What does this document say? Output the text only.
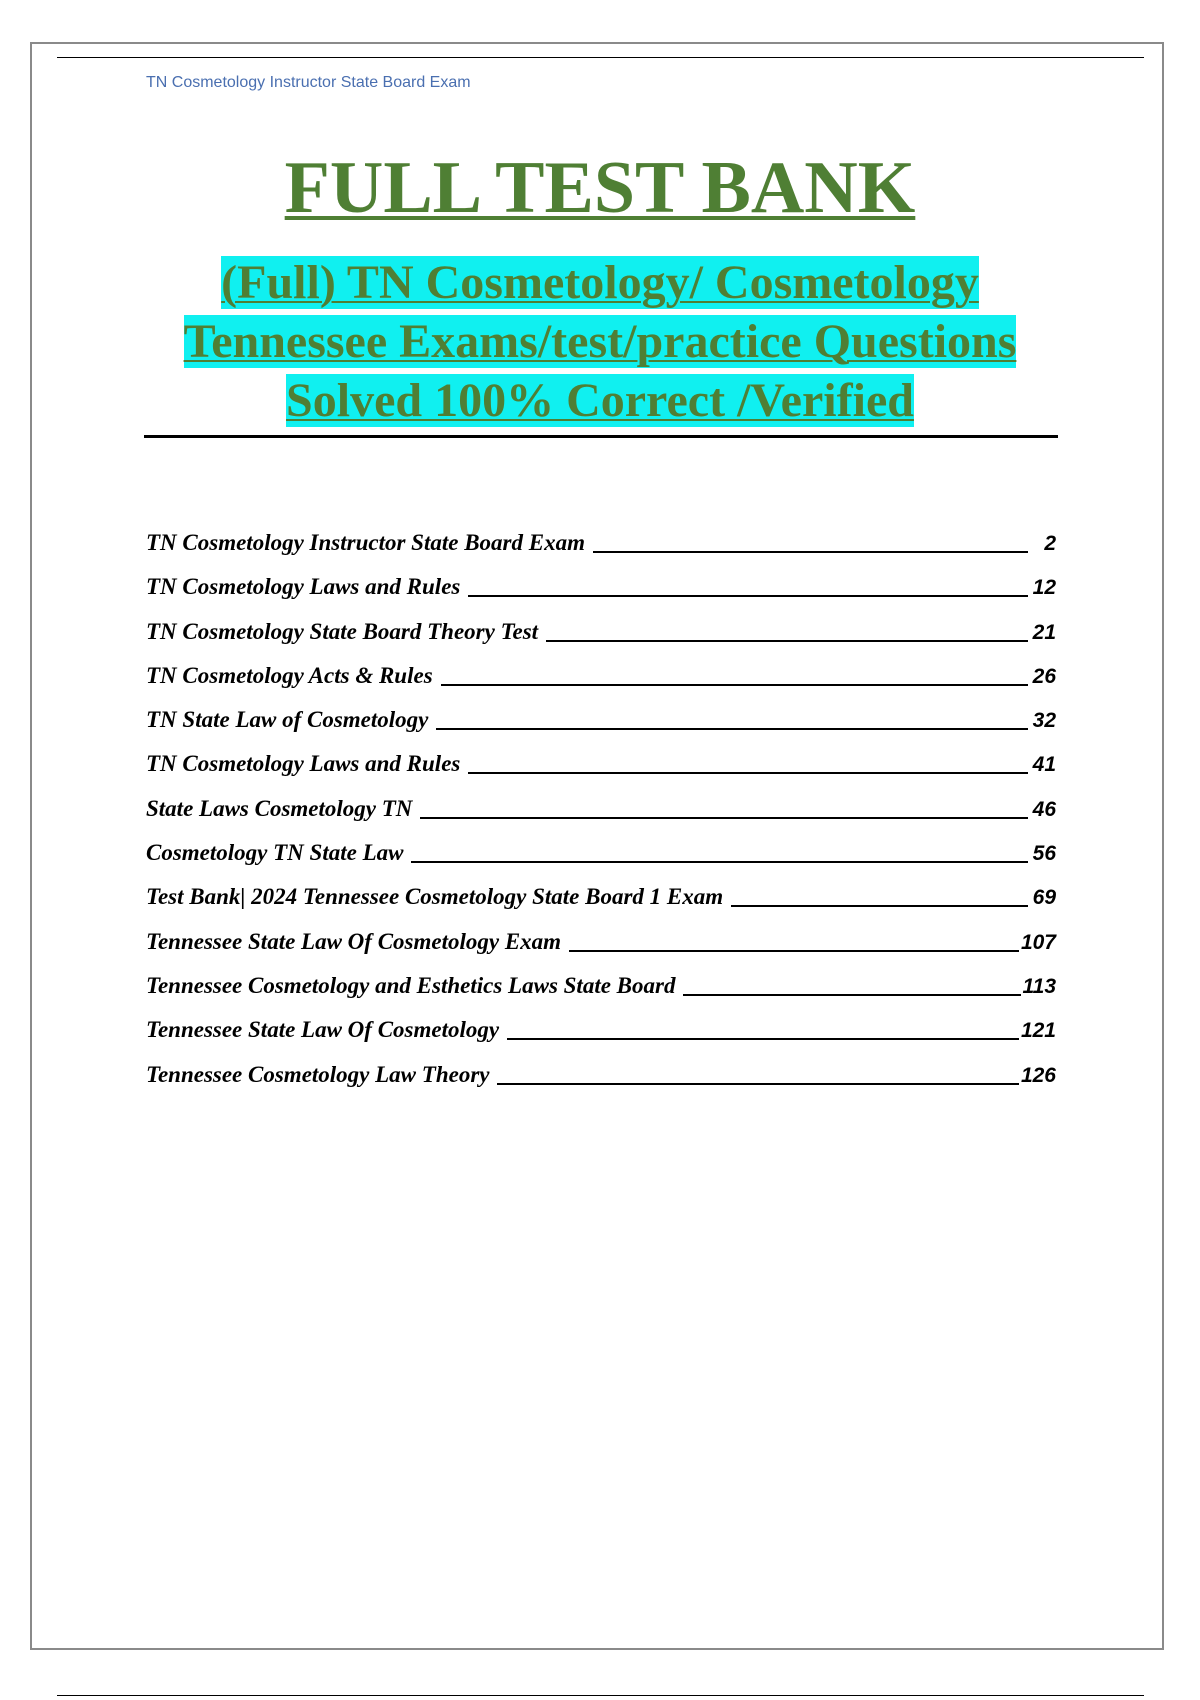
TN Cosmetology Instructor State Board Exam
FULL TEST BANK
(Full) TN Cosmetology/ Cosmetology Tennessee Exams/test/practice Questions Solved 100% Correct /Verified
TN Cosmetology Instructor State Board Exam	2
TN Cosmetology Laws and Rules	12
TN Cosmetology State Board Theory Test	21
TN Cosmetology Acts & Rules	26
TN State Law of Cosmetology	32
TN Cosmetology Laws and Rules	41
State Laws Cosmetology TN	46
Cosmetology TN State Law	56
Test Bank| 2024 Tennessee Cosmetology State Board 1 Exam	69
Tennessee State Law Of Cosmetology Exam	107
Tennessee Cosmetology and Esthetics Laws State Board	113
Tennessee State Law Of Cosmetology	121
Tennessee Cosmetology Law Theory	126
